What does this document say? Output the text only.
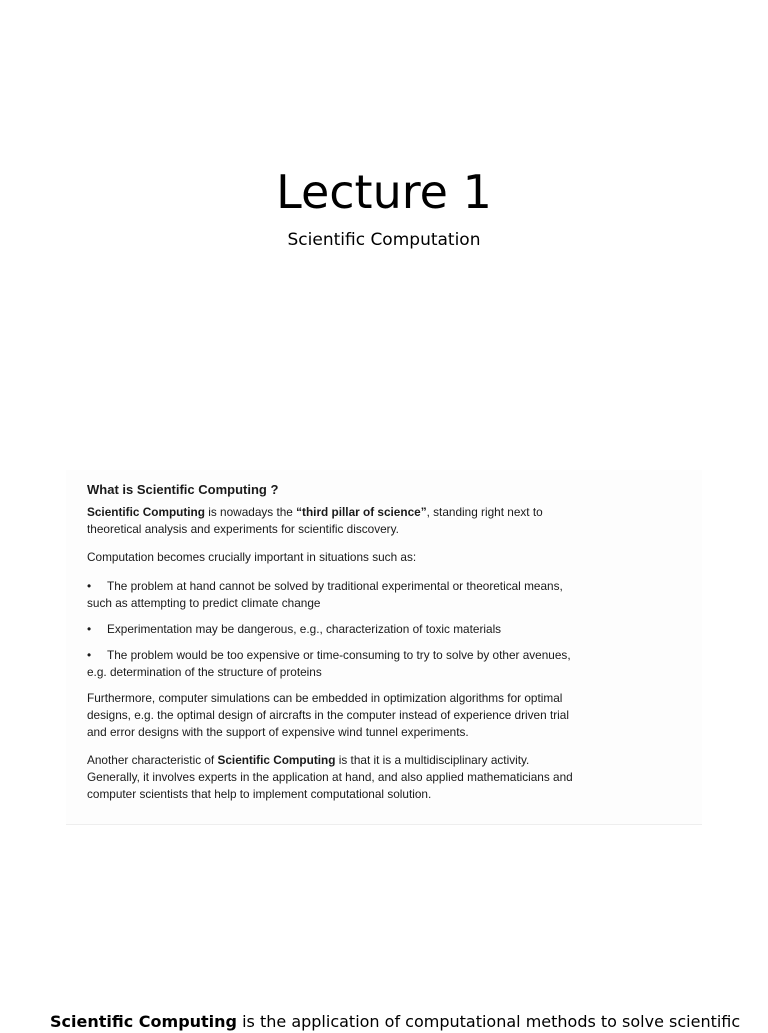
Lecture 1
Scientific Computation
What is Scientific Computing ?

Scientific Computing is nowadays the “third pillar of science”, standing right next to
theoretical analysis and experiments for scientific discovery.

Computation becomes crucially important in situations such as:

• The problem at hand cannot be solved by traditional experimental or theoretical means,
such as attempting to predict climate change
• Experimentation may be dangerous, e.g., characterization of toxic materials
• The problem would be too expensive or time-consuming to try to solve by other avenues,
e.g. determination of the structure of proteins

Furthermore, computer simulations can be embedded in optimization algorithms for optimal
designs, e.g. the optimal design of aircrafts in the computer instead of experience driven trial
and error designs with the support of expensive wind tunnel experiments.

Another characteristic of Scientific Computing is that it is a multidisciplinary activity.
Generally, it involves experts in the application at hand, and also applied mathematicians and
computer scientists that help to implement computational solution.

Scientific Computing is the application of computational methods to solve scientific
